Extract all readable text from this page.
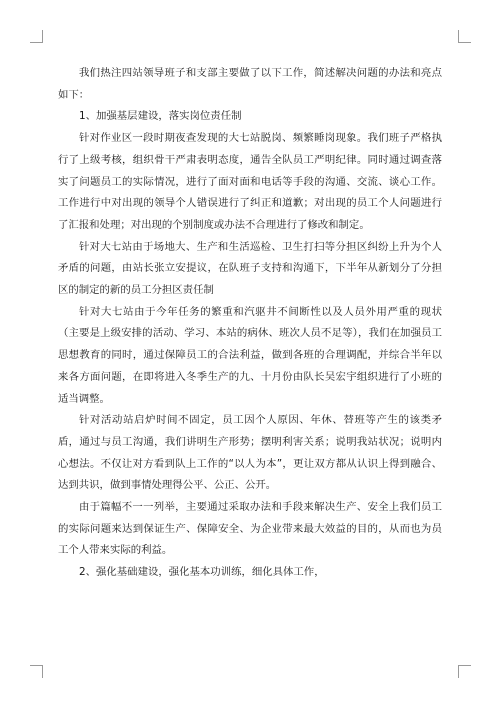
我们热注四站领导班子和支部主要做了以下工作，简述解决问题的办法和亮点如下：

1、加强基层建设，落实岗位责任制

针对作业区一段时期夜查发现的大七站脱岗、频繁睡岗现象。我们班子严格执行了上级考核，组织骨干严肃表明态度，通告全队员工严明纪律。同时通过调查落实了问题员工的实际情况，进行了面对面和电话等手段的沟通、交流、谈心工作。工作进行中对出现的领导个人错误进行了纠正和道歉；对出现的员工个人问题进行了汇报和处理；对出现的个别制度或办法不合理进行了修改和制定。

针对大七站由于场地大、生产和生活巡检、卫生打扫等分担区纠纷上升为个人矛盾的问题，由站长张立安提议，在队班子支持和沟通下，下半年从新划分了分担区的制定的新的员工分担区责任制

针对大七站由于今年任务的繁重和汽驱井不间断性以及人员外用严重的现状（主要是上级安排的活动、学习、本站的病休、班次人员不足等），我们在加强员工思想教育的同时，通过保障员工的合法利益，做到各班的合理调配，并综合半年以来各方面问题，在即将进入冬季生产的九、十月份由队长吴宏宇组织进行了小班的适当调整。

针对活动站启炉时间不固定，员工因个人原因、年休、替班等产生的该类矛盾，通过与员工沟通，我们讲明生产形势；摆明利害关系；说明我站状况；说明内心想法。不仅让对方看到队上工作的“以人为本”，更让双方都从认识上得到融合、达到共识，做到事情处理得公平、公正、公开。

由于篇幅不一一列举，主要通过采取办法和手段来解决生产、安全上我们员工的实际问题来达到保证生产、保障安全、为企业带来最大效益的目的，从而也为员工个人带来实际的利益。

2、强化基础建设，强化基本功训练，细化具体工作，
